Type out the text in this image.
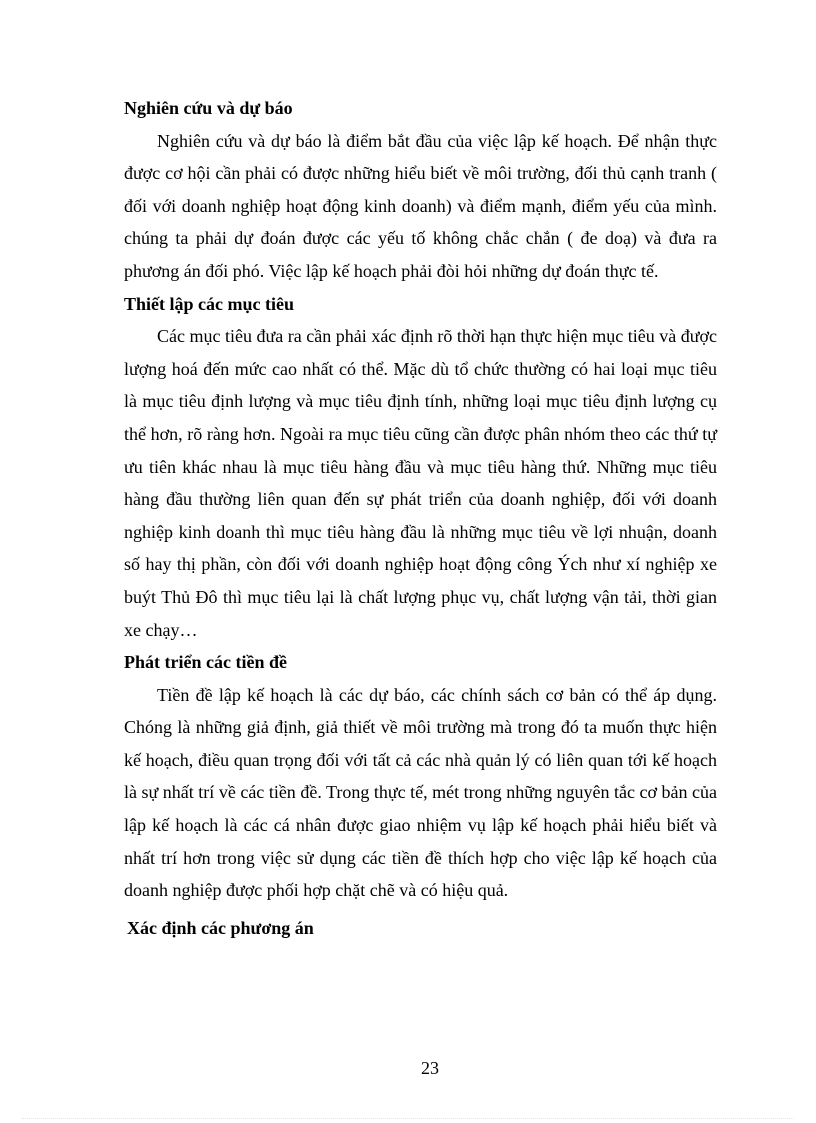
Nghiên cứu và dự báo

Nghiên cứu và dự báo là điểm bắt đầu của việc lập kế hoạch. Để nhận thực được cơ hội cần phải có được những hiểu biết về môi trường, đối thủ cạnh tranh ( đối với doanh nghiệp hoạt động kinh doanh) và điểm mạnh, điểm yếu của mình. chúng ta phải dự đoán được các yếu tố không chắc chắn ( đe doạ) và đưa ra phương án đối phó. Việc lập kế hoạch phải đòi hỏi những dự đoán thực tế.

Thiết lập các mục tiêu

Các mục tiêu đưa ra cần phải xác định rõ thời hạn thực hiện mục tiêu và được lượng hoá đến mức cao nhất có thể. Mặc dù tổ chức thường có hai loại mục tiêu là mục tiêu định lượng và mục tiêu định tính, những loại mục tiêu định lượng cụ thể hơn, rõ ràng hơn. Ngoài ra mục tiêu cũng cần được phân nhóm theo các thứ tự ưu tiên khác nhau là mục tiêu hàng đầu và mục tiêu hàng thứ. Những mục tiêu hàng đầu thường liên quan đến sự phát triển của doanh nghiệp, đối với doanh nghiệp kinh doanh thì mục tiêu hàng đầu là những mục tiêu về lợi nhuận, doanh số hay thị phần, còn đối với doanh nghiệp hoạt động công Ých như xí nghiệp xe buýt Thủ Đô thì mục tiêu lại là chất lượng phục vụ, chất lượng vận tải, thời gian xe chạy…

Phát triển các tiền đề

Tiền đề lập kế hoạch là các dự báo, các chính sách cơ bản có thể áp dụng. Chóng là những giả định, giả thiết về môi trường mà trong đó ta muốn thực hiện kế hoạch, điều quan trọng đối với tất cả các nhà quản lý có liên quan tới kế hoạch là sự nhất trí về các tiền đề. Trong thực tế, mét trong những nguyên tắc cơ bản của lập kế hoạch là các cá nhân được giao nhiệm vụ lập kế hoạch phải hiểu biết và nhất trí hơn trong việc sử dụng các tiền đề thích hợp cho việc lập kế hoạch của doanh nghiệp được phối hợp chặt chẽ và có hiệu quả.

Xác định các phương án
23
